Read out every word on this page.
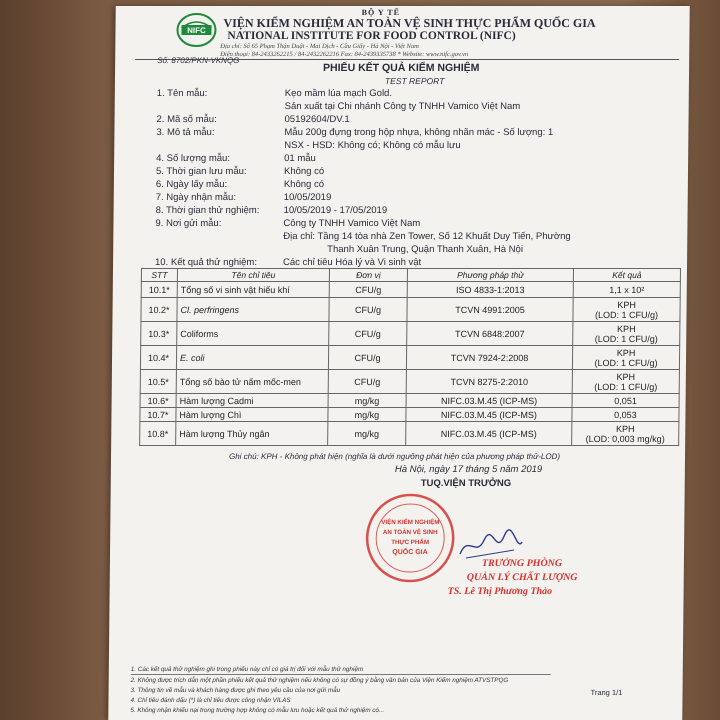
NIFC
BỘ Y TẾ
VIỆN KIỂM NGHIỆM AN TOÀN VỆ SINH THỰC PHẨM QUỐC GIA
NATIONAL INSTITUTE FOR FOOD CONTROL (NIFC)
Địa chỉ: Số 65 Phạm Thận Duật - Mai Dịch - Cầu Giấy - Hà Nội - Việt Nam
Điện thoại: 84-2433262215 / 84-2432262216 Fax: 84-2439335738 * Website: www.nifc.gov.vn
Số: 8702/PKN-VKNQG
PHIẾU KẾT QUẢ KIỂM NGHIỆM
TEST REPORT
1. Tên mẫu:	Kẹo mầm lúa mạch Gold.
Sản xuất tại Chi nhánh Công ty TNHH Vamico Việt Nam
2. Mã số mẫu:	05192604/DV.1
3. Mô tả mẫu:	Mẫu 200g đựng trong hộp nhựa, không nhãn mác - Số lượng: 1
NSX - HSD: Không có; Không có mẫu lưu
4. Số lượng mẫu:	01 mẫu
5. Thời gian lưu mẫu:	Không có
6. Ngày lấy mẫu:	Không có
7. Ngày nhận mẫu:	10/05/2019
8. Thời gian thử nghiệm:	10/05/2019 - 17/05/2019
9. Nơi gửi mẫu:	Công ty TNHH Vamico Việt Nam
Địa chỉ: Tầng 14 tòa nhà Zen Tower, Số 12 Khuất Duy Tiến, Phường
Thanh Xuân Trung, Quận Thanh Xuân, Hà Nội
10. Kết quả thử nghiệm:	Các chỉ tiêu Hóa lý và Vi sinh vật
STT	Tên chỉ tiêu	Đơn vị	Phương pháp thử	Kết quả
10.1*	Tổng số vi sinh vật hiếu khí	CFU/g	ISO 4833-1:2013	1,1 x 10²
10.2*	Cl. perfringens	CFU/g	TCVN 4991:2005	KPH
(LOD: 1 CFU/g)
10.3*	Coliforms	CFU/g	TCVN 6848:2007	KPH
(LOD: 1 CFU/g)
10.4*	E. coli	CFU/g	TCVN 7924-2:2008	KPH
(LOD: 1 CFU/g)
10.5*	Tổng số bào tử nấm mốc-men	CFU/g	TCVN 8275-2:2010	KPH
(LOD: 1 CFU/g)
10.6*	Hàm lượng Cadmi	mg/kg	NIFC.03.M.45 (ICP-MS)	0,051
10.7*	Hàm lượng Chì	mg/kg	NIFC.03.M.45 (ICP-MS)	0,053
10.8*	Hàm lượng Thủy ngân	mg/kg	NIFC.03.M.45 (ICP-MS)	KPH
(LOD: 0,003 mg/kg)
Ghi chú: KPH - Không phát hiện (nghĩa là dưới ngưỡng phát hiện của phương pháp thử-LOD)
Hà Nội, ngày 17 tháng 5 năm 2019
TUQ.VIỆN TRƯỞNG
VIỆN KIỂM NGHIỆM
AN TOÀN VỆ SINH
THỰC PHẨM
QUỐC GIA
TRƯỞNG PHÒNG
QUẢN LÝ CHẤT LƯỢNG
TS. Lê Thị Phương Thảo
1. Các kết quả thử nghiệm ghi trong phiếu này chỉ có giá trị đối với mẫu thử nghiệm
2. Không được trích dẫn một phần phiếu kết quả thử nghiệm nếu không có sự đồng ý bằng văn bản của Viện Kiểm nghiệm ATVSTPQG
3. Thông tin về mẫu và khách hàng được ghi theo yêu cầu của nơi gửi mẫu
4. Chỉ tiêu đánh dấu (*) là chỉ tiêu được công nhận VILAS
5. Không nhận khiếu nại trong trường hợp không có mẫu lưu hoặc kết quả thử nghiệm có...
Trang 1/1
